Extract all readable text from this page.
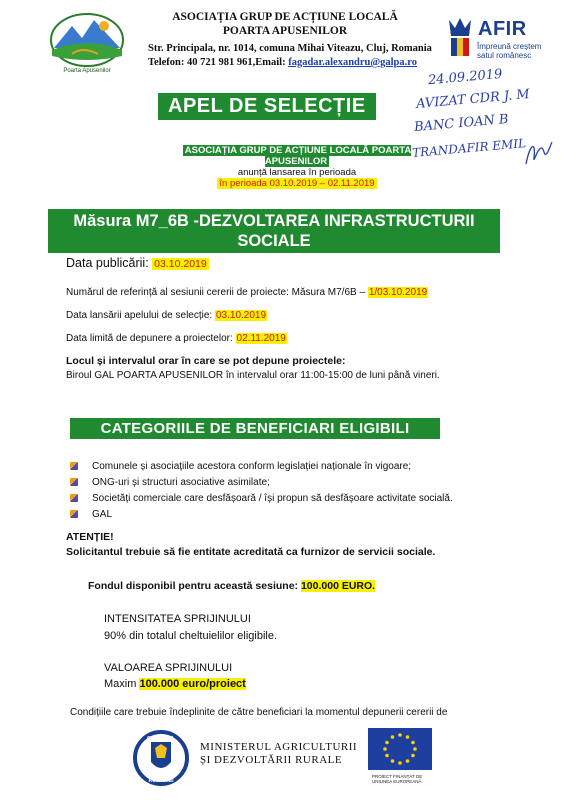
Poarta Apusenilor
ASOCIAȚIA GRUP DE ACȚIUNE LOCALĂ
POARTA APUSENILOR
Str. Principala, nr. 1014, comuna Mihai Viteazu, Cluj, Romania
Telefon: 40 721 981 961,Email: fagadar.alexandru@galpa.ro
AFIR
Împreună creștem
satul românesc
24.09.2019
AVIZAT CDR J. M
BANC IOAN B
TRANDAFIR EMIL
APEL DE SELECȚIE
ASOCIAȚIA GRUP DE ACȚIUNE LOCALĂ POARTA APUSENILOR
anunță lansarea în perioada
în perioada 03.10.2019 – 02.11.2019
Măsura M7_6B -DEZVOLTAREA INFRASTRUCTURII SOCIALE
Data publicării: 03.10.2019
Numărul de referință al sesiunii cererii de proiecte: Măsura M7/6B – 1/03.10.2019
Data lansării apelului de selecție: 03.10.2019
Data limită de depunere a proiectelor: 02.11.2019
Locul și intervalul orar în care se pot depune proiectele:
Biroul GAL POARTA APUSENILOR în intervalul orar 11:00-15:00 de luni până vineri.
CATEGORIILE DE BENEFICIARI ELIGIBILI
Comunele și asociațiile acestora conform legislației naționale în vigoare;
ONG-uri și structuri asociative asimilate;
Societăți comerciale care desfășoară / își propun să desfășoare activitate socială.
GAL
ATENȚIE!
Solicitantul trebuie să fie entitate acreditată ca furnizor de servicii sociale.
Fondul disponibil pentru această sesiune: 100.000 EURO.
INTENSITATEA SPRIJINULUI
90% din totalul cheltuielilor eligibile.
VALOAREA SPRIJINULUI
Maxim 100.000 euro/proiect
Condițiile care trebuie îndeplinite de către beneficiari la momentul depunerii cererii de
GUVERNUL
ROMÂNIEI
MINISTERUL AGRICULTURII
ȘI DEZVOLTĂRII RURALE
PROIECT FINANȚAT DE UNIUNEA EUROPEANĂ
